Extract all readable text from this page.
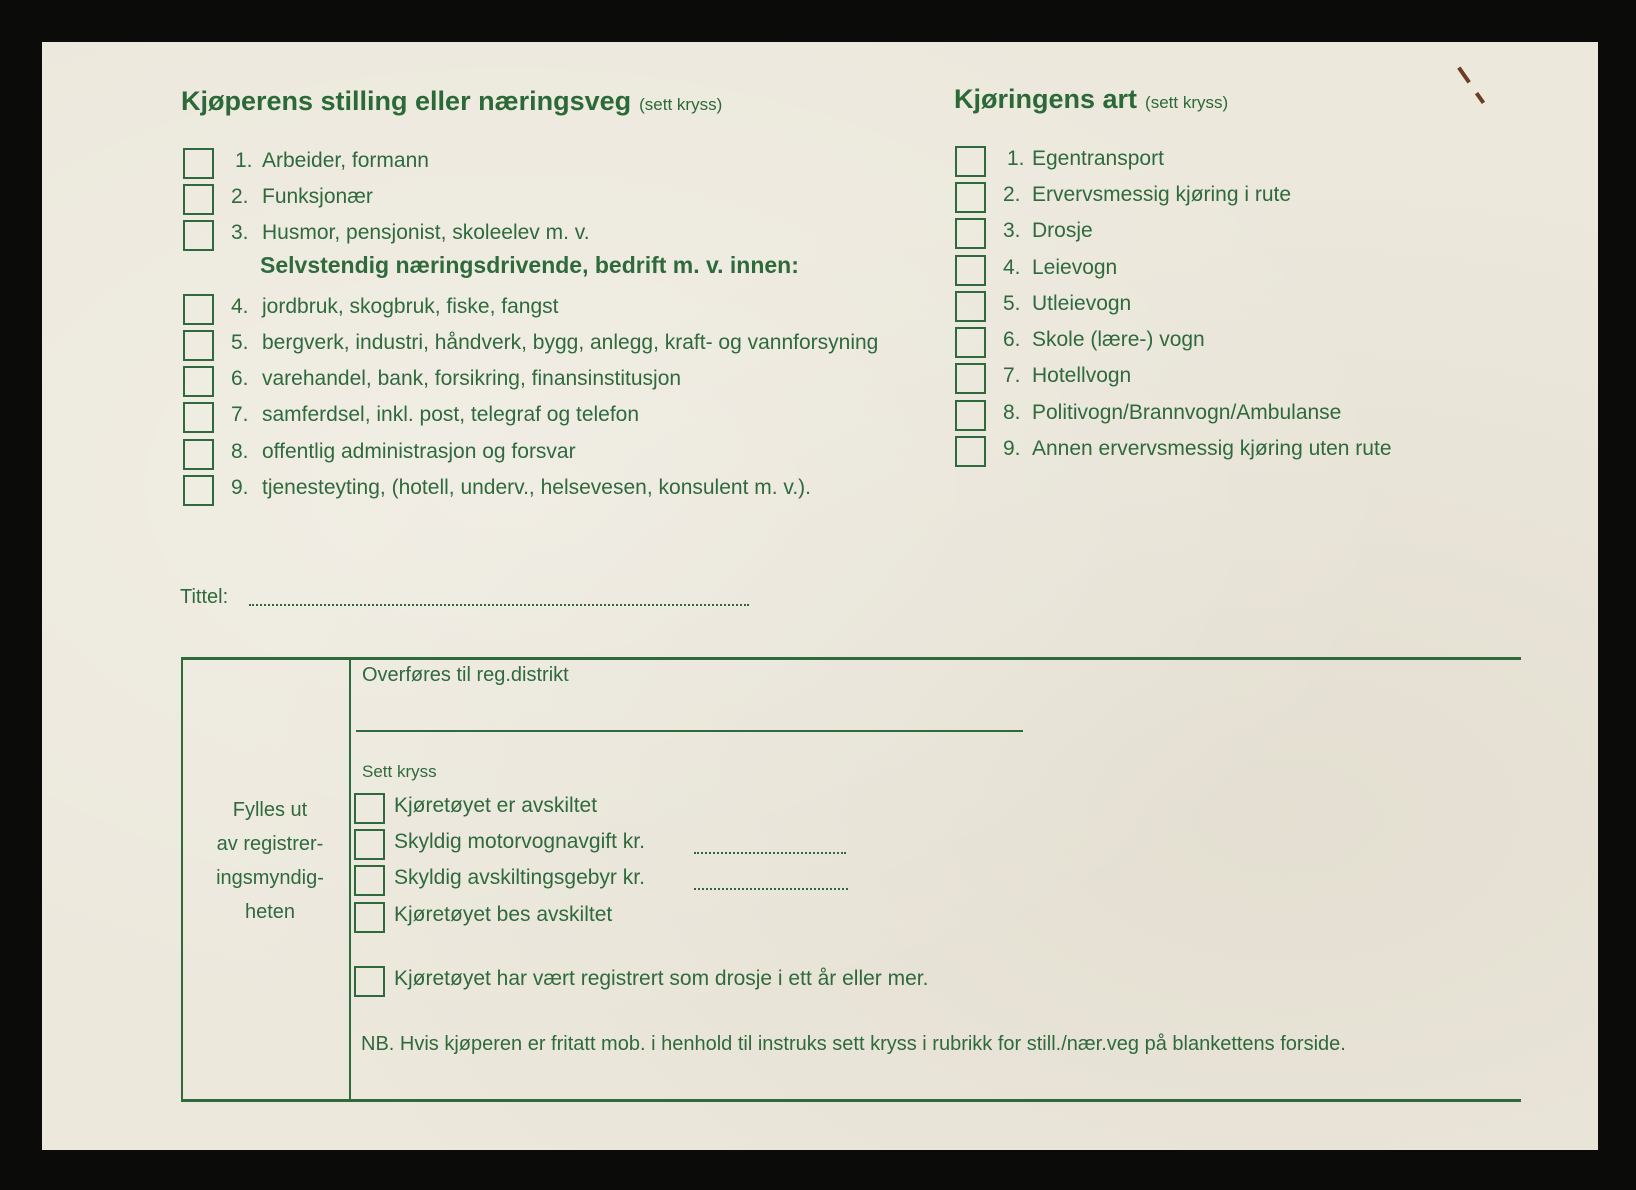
Kjøperens stilling eller næringsveg (sett kryss)
1. Arbeider, formann
2. Funksjonær
3. Husmor, pensjonist, skoleelev m. v.
Selvstendig næringsdrivende, bedrift m. v. innen:
4. jordbruk, skogbruk, fiske, fangst
5. bergverk, industri, håndverk, bygg, anlegg, kraft- og vannforsyning
6. varehandel, bank, forsikring, finansinstitusjon
7. samferdsel, inkl. post, telegraf og telefon
8. offentlig administrasjon og forsvar
9. tjenesteyting, (hotell, underv., helsevesen, konsulent m. v.).
Kjøringens art (sett kryss)
1. Egentransport
2. Ervervsmessig kjøring i rute
3. Drosje
4. Leievogn
5. Utleievogn
6. Skole (lære-) vogn
7. Hotellvogn
8. Politivogn/Brannvogn/Ambulanse
9. Annen ervervsmessig kjøring uten rute
Tittel:
Fylles ut
av registrer-
ingsmyndig-
heten
Overføres til reg.distrikt
Sett kryss
Kjøretøyet er avskiltet
Skyldig motorvognavgift kr.
Skyldig avskiltingsgebyr kr.
Kjøretøyet bes avskiltet
Kjøretøyet har vært registrert som drosje i ett år eller mer.
NB. Hvis kjøperen er fritatt mob. i henhold til instruks sett kryss i rubrikk for still./nær.veg på blankettens forside.
